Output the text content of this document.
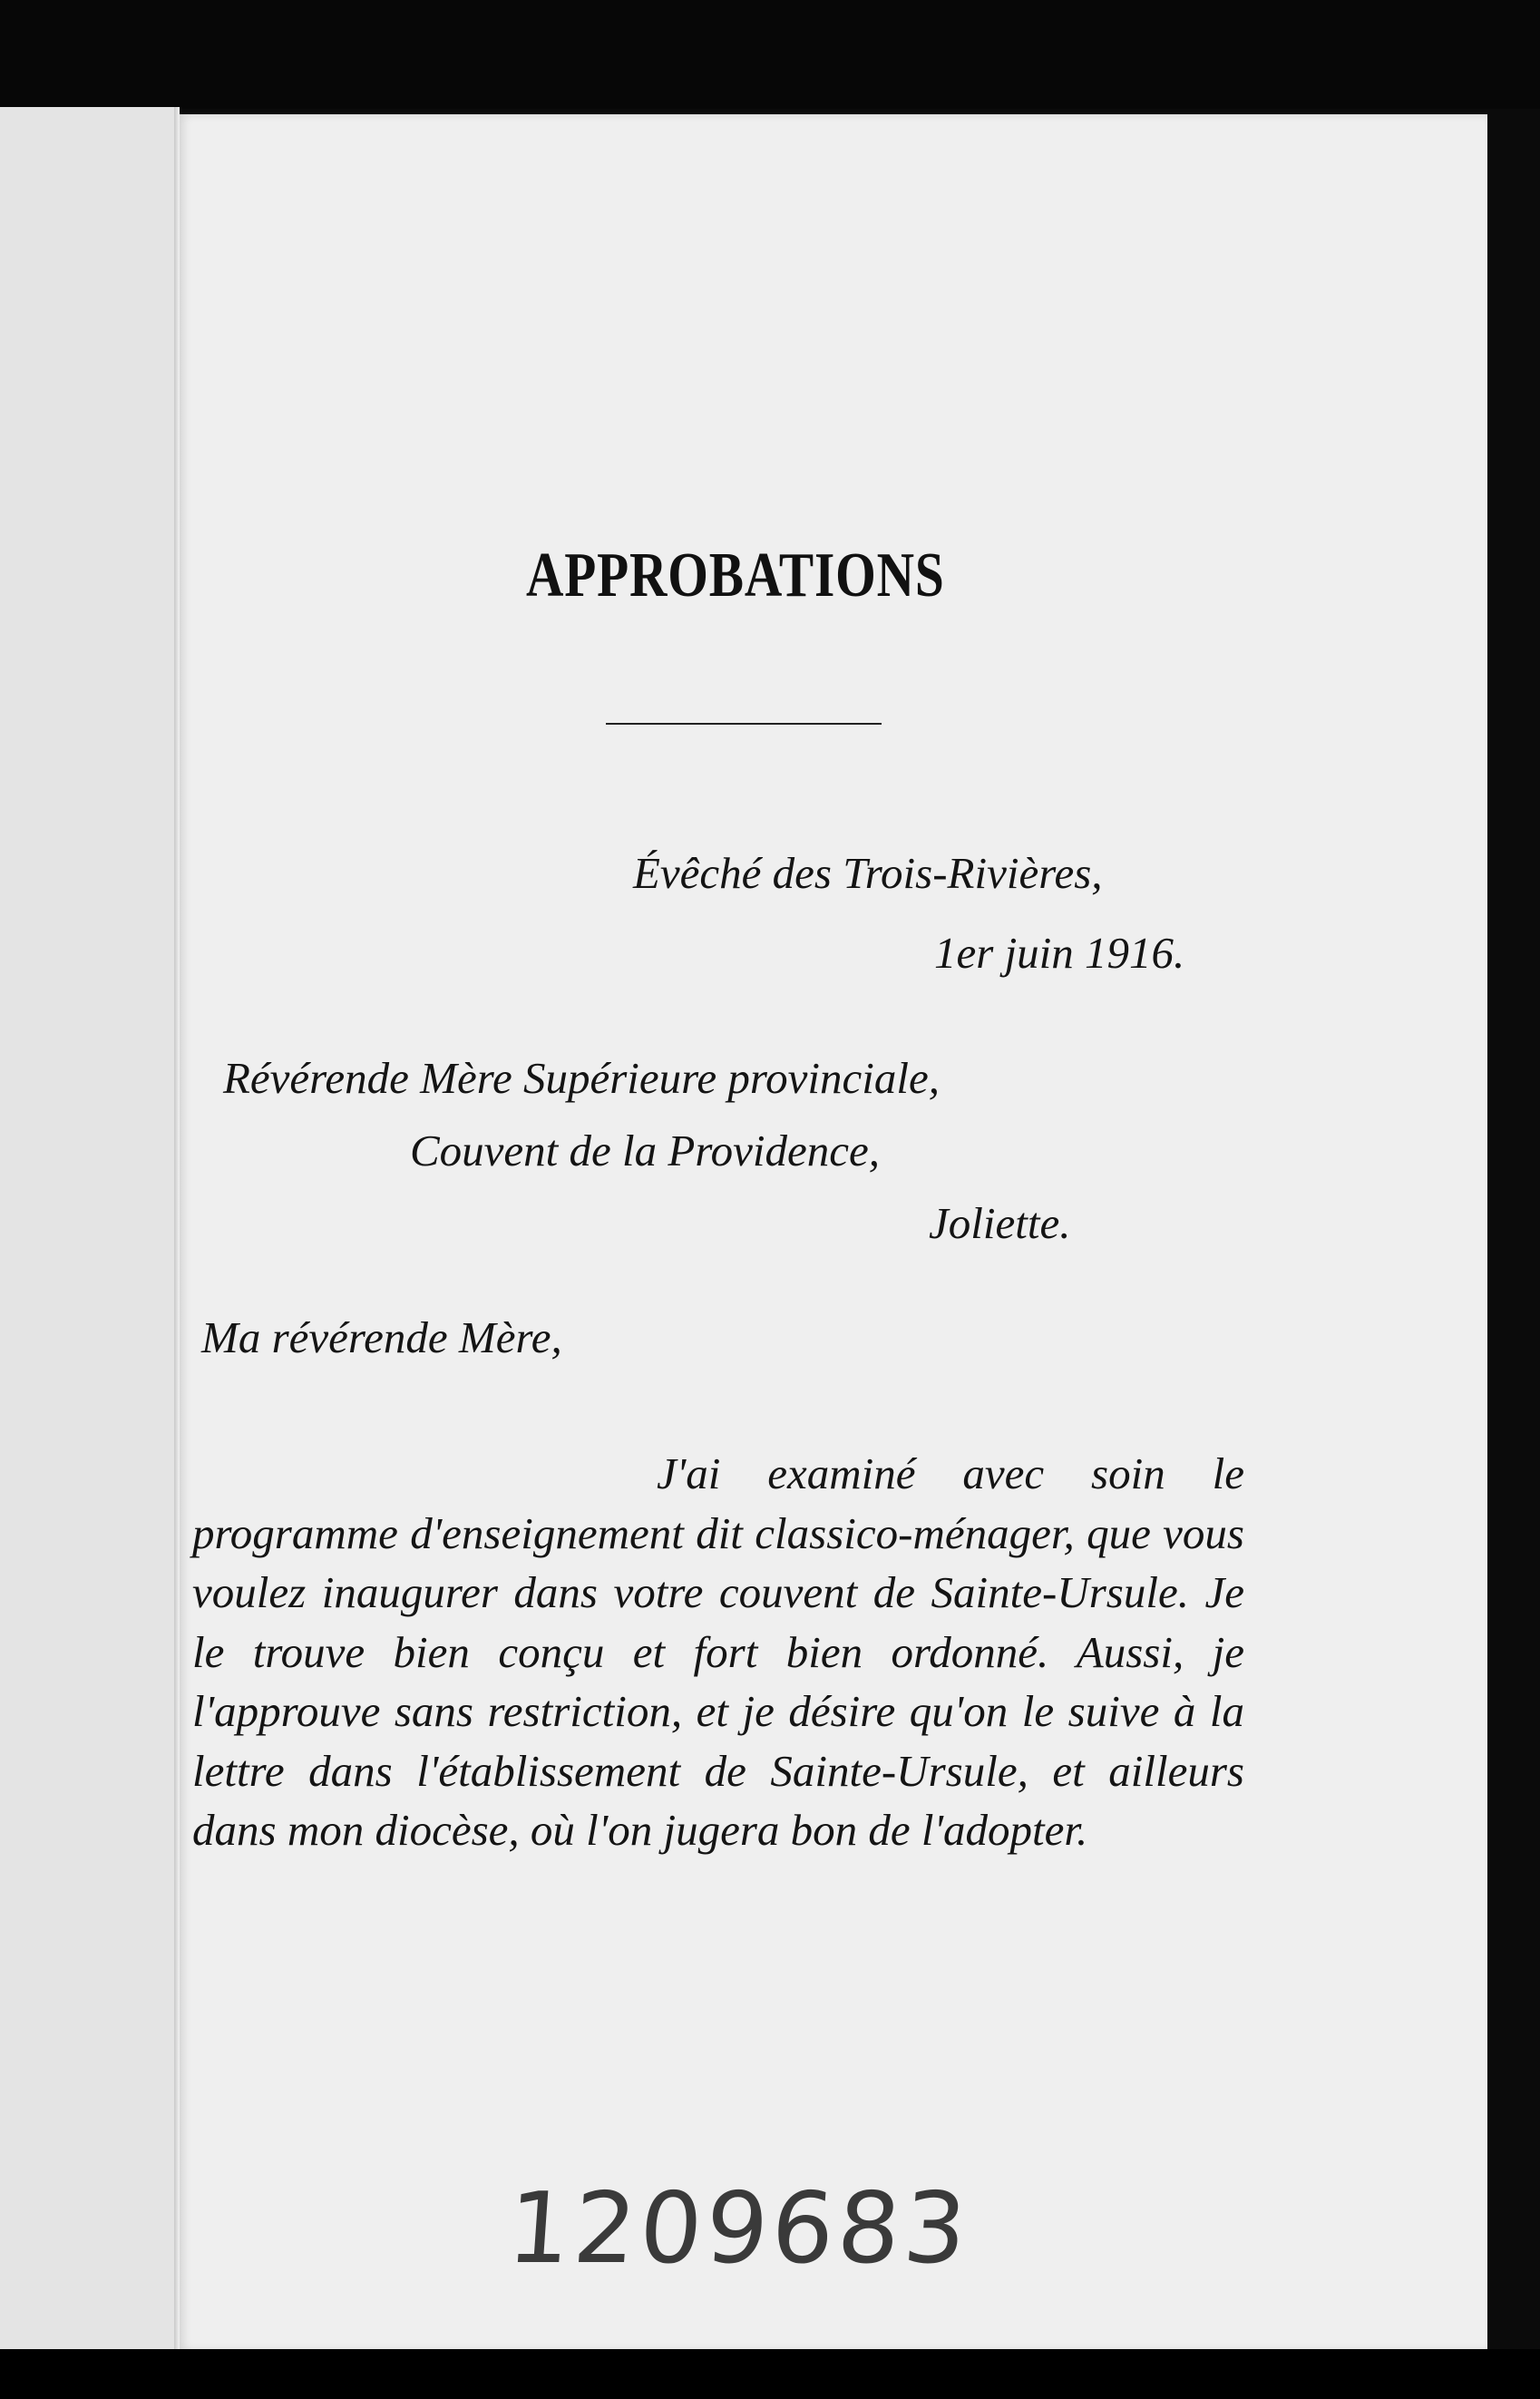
APPROBATIONS
Évêché des Trois-Rivières,
1er juin 1916.
Révérende Mère Supérieure provinciale,
Couvent de la Providence,
Joliette.
Ma révérende Mère,
J'ai examiné avec soin le programme d'enseignement dit classico-ménager, que vous voulez inaugurer dans votre couvent de Sainte-Ursule. Je le trouve bien conçu et fort bien ordonné. Aussi, je l'approuve sans restriction, et je désire qu'on le suive à la lettre dans l'établissement de Sainte-Ursule, et ailleurs dans mon diocèse, où l'on jugera bon de l'adopter.
1209683
